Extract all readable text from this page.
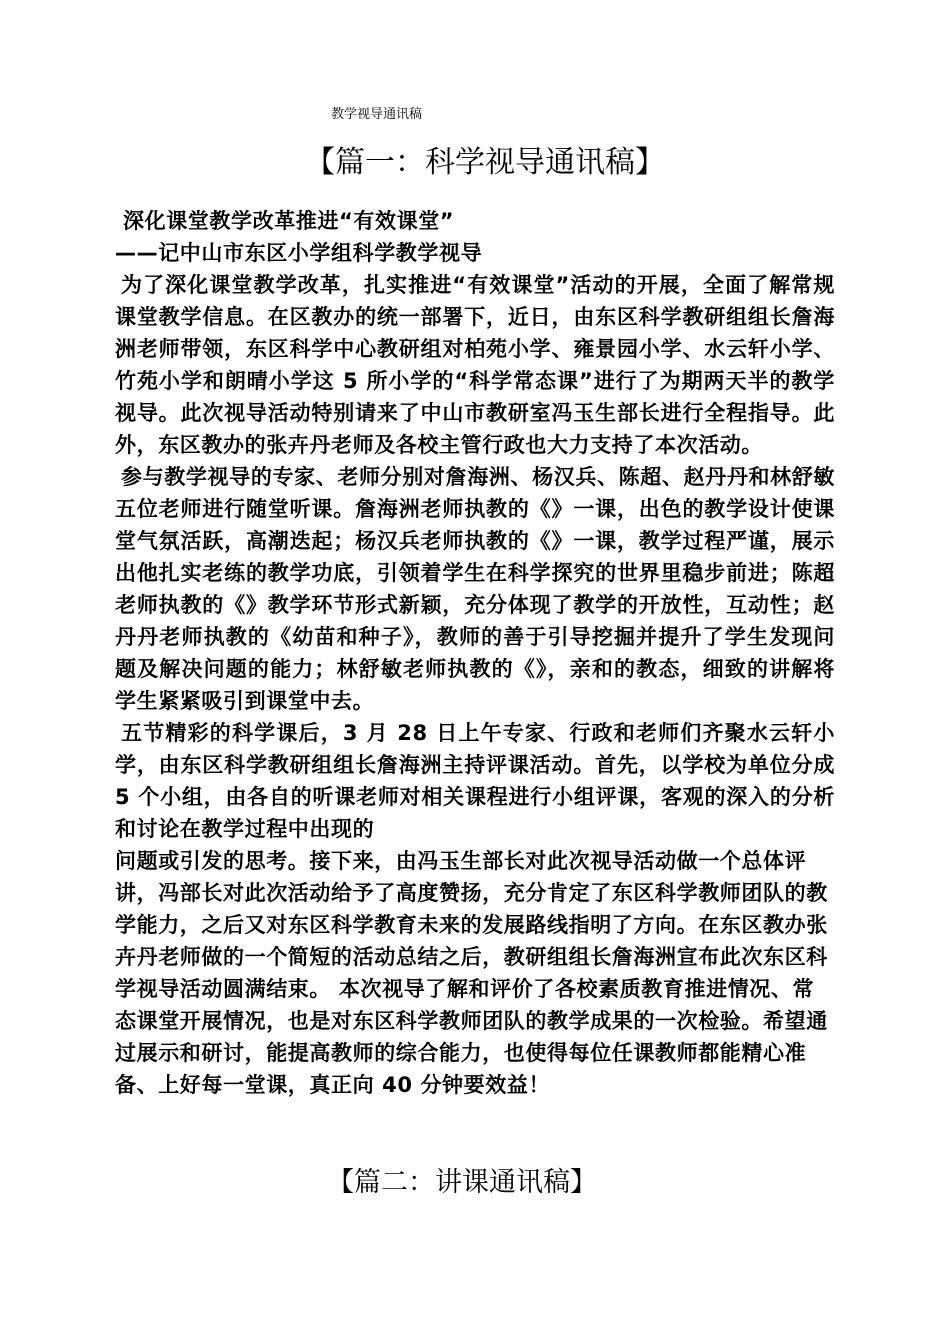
教学视导通讯稿
【篇一：科学视导通讯稿】
深化课堂教学改革推进“有效课堂”
——记中山市东区小学组科学教学视导

为了深化课堂教学改革，扎实推进“有效课堂”活动的开展，全面了解常规课堂教学信息。在区教办的统一部署下，近日，由东区科学教研组组长詹海洲老师带领，东区科学中心教研组对柏苑小学、雍景园小学、水云轩小学、竹苑小学和朗晴小学这 5 所小学的“科学常态课”进行了为期两天半的教学视导。此次视导活动特别请来了中山市教研室冯玉生部长进行全程指导。此外，东区教办的张卉丹老师及各校主管行政也大力支持了本次活动。

参与教学视导的专家、老师分别对詹海洲、杨汉兵、陈超、赵丹丹和林舒敏五位老师进行随堂听课。詹海洲老师执教的《》一课，出色的教学设计使课堂气氛活跃，高潮迭起；杨汉兵老师执教的《》一课，教学过程严谨，展示出他扎实老练的教学功底，引领着学生在科学探究的世界里稳步前进；陈超老师执教的《》教学环节形式新颖，充分体现了教学的开放性，互动性；赵丹丹老师执教的《幼苗和种子》，教师的善于引导挖掘并提升了学生发现问题及解决问题的能力；林舒敏老师执教的《》，亲和的教态，细致的讲解将学生紧紧吸引到课堂中去。

五节精彩的科学课后，3 月 28 日上午专家、行政和老师们齐聚水云轩小学，由东区科学教研组组长詹海洲主持评课活动。首先，以学校为单位分成 5 个小组，由各自的听课老师对相关课程进行小组评课，客观的深入的分析和讨论在教学过程中出现的

问题或引发的思考。接下来，由冯玉生部长对此次视导活动做一个总体评讲，冯部长对此次活动给予了高度赞扬，充分肯定了东区科学教师团队的教学能力，之后又对东区科学教育未来的发展路线指明了方向。在东区教办张卉丹老师做的一个简短的活动总结之后，教研组组长詹海洲宣布此次东区科学视导活动圆满结束。 本次视导了解和评价了各校素质教育推进情况、常态课堂开展情况，也是对东区科学教师团队的教学成果的一次检验。希望通过展示和研讨，能提高教师的综合能力，也使得每位任课教师都能精心准备、上好每一堂课，真正向 40 分钟要效益！

【篇二：讲课通讯稿】
